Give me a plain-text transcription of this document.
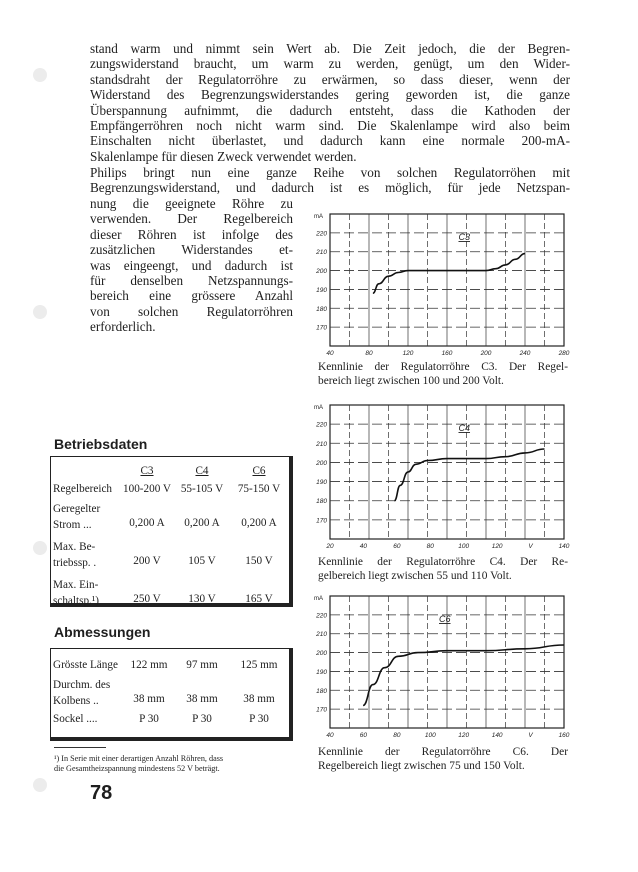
stand warm und nimmt sein Wert ab. Die Zeit jedoch, die der Begren-
zungswiderstand braucht, um warm zu werden, genügt, um den Wider-
standsdraht der Regulatorröhre zu erwärmen, so dass dieser, wenn der
Widerstand des Begrenzungswiderstandes gering geworden ist, die ganze
Überspannung aufnimmt, die dadurch entsteht, dass die Kathoden der
Empfängerröhren noch nicht warm sind. Die Skalenlampe wird also beim
Einschalten nicht überlastet, und dadurch kann eine normale 200-mA-
Skalenlampe für diesen Zweck verwendet werden.
Philips bringt nun eine ganze Reihe von solchen Regulatorröhen mit
Begrenzungswiderstand, und dadurch ist es möglich, für jede Netzspan-
nung die geeignete Röhre zu
verwenden. Der Regelbereich
dieser Röhren ist infolge des
zusätzlichen Widerstandes et-
was eingeengt, und dadurch ist
für denselben Netzspannungs-
bereich eine grössere Anzahl
von solchen Regulatorröhren
erforderlich.
Betriebsdaten
	C3	C4	C6
Regelbereich	100-200 V	55-105 V	75-150 V
Geregelter
Strom ...	0,200 A	0,200 A	0,200 A
Max. Be-
triebssp. .	200 V	105 V	150 V
Max. Ein-
schaltsp.¹)	250 V	130 V	165 V
Abmessungen
Grösste Länge	122 mm	97 mm	125 mm
Durchm. des
Kolbens ..	38 mm	38 mm	38 mm
Sockel ....	P 30	P 30	P 30
¹) In Serie mit einer derartigen Anzahl Röhren, dass
die Gesamtheizspannung mindestens 52 V beträgt.
78
mA
220
210
200
190
180
170
40	80	120	160	200	240	280
C3
Kennlinie der Regulatorröhre C3. Der Regel-
bereich liegt zwischen 100 und 200 Volt.
mA
220
210
200
190
180
170
20	40	60	80	100	120	V	140
C4
Kennlinie der Regulatorröhre C4. Der Re-
gelbereich liegt zwischen 55 und 110 Volt.
mA
220
210
200
190
180
170
40	60	80	100	120	140	V	160
C6
Kennlinie der Regulatorröhre C6. Der
Regelbereich liegt zwischen 75 und 150 Volt.
